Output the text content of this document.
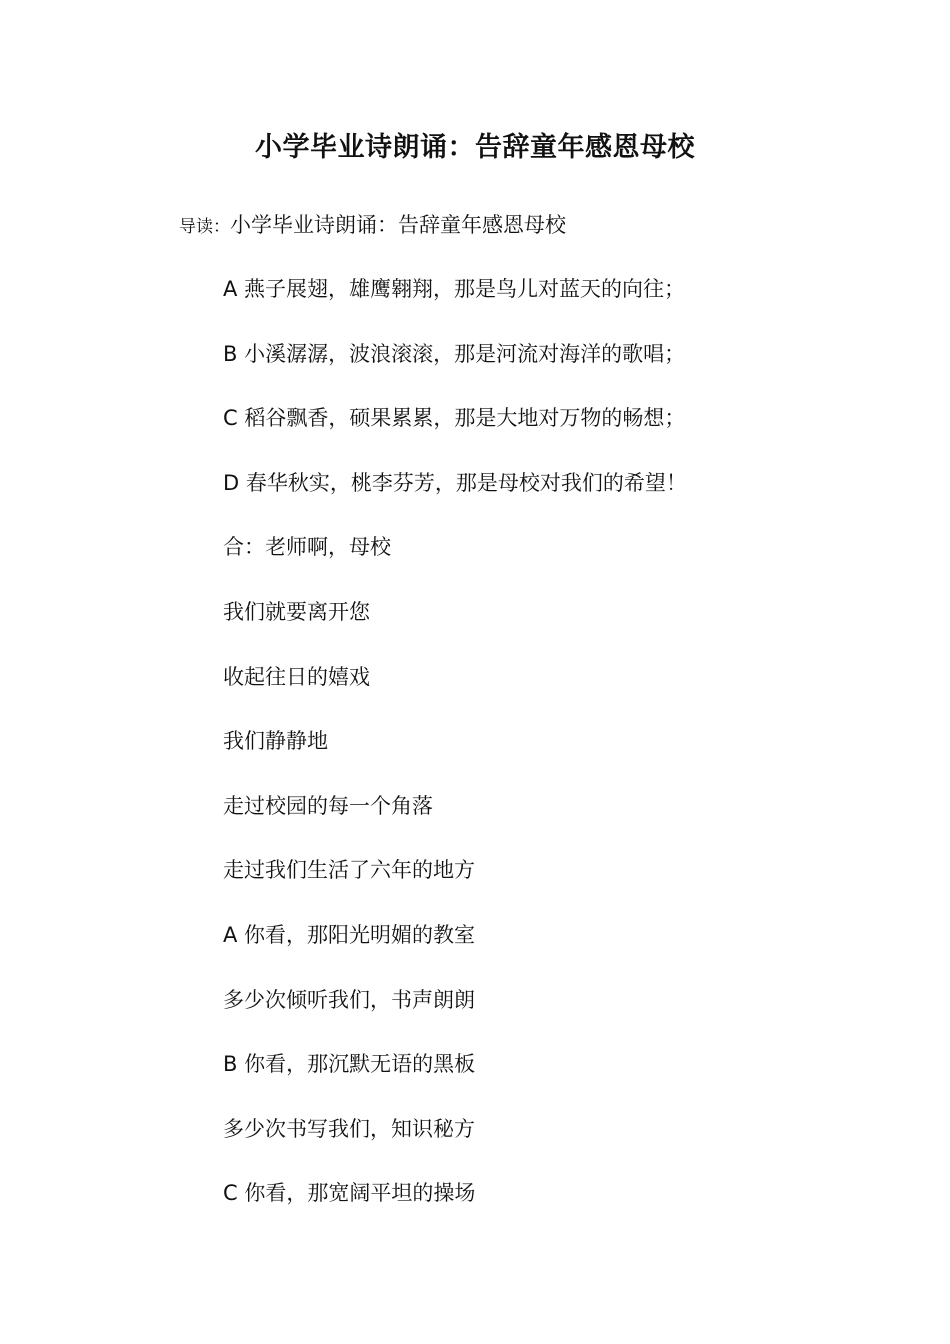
小学毕业诗朗诵：告辞童年感恩母校
导读：小学毕业诗朗诵：告辞童年感恩母校
A 燕子展翅，雄鹰翱翔，那是鸟儿对蓝天的向往；
B 小溪潺潺，波浪滚滚，那是河流对海洋的歌唱；
C 稻谷飘香，硕果累累，那是大地对万物的畅想；
D 春华秋实，桃李芬芳，那是母校对我们的希望！
合：老师啊，母校
我们就要离开您
收起往日的嬉戏
我们静静地
走过校园的每一个角落
走过我们生活了六年的地方
A 你看，那阳光明媚的教室
多少次倾听我们，书声朗朗
B 你看，那沉默无语的黑板
多少次书写我们，知识秘方
C 你看，那宽阔平坦的操场
